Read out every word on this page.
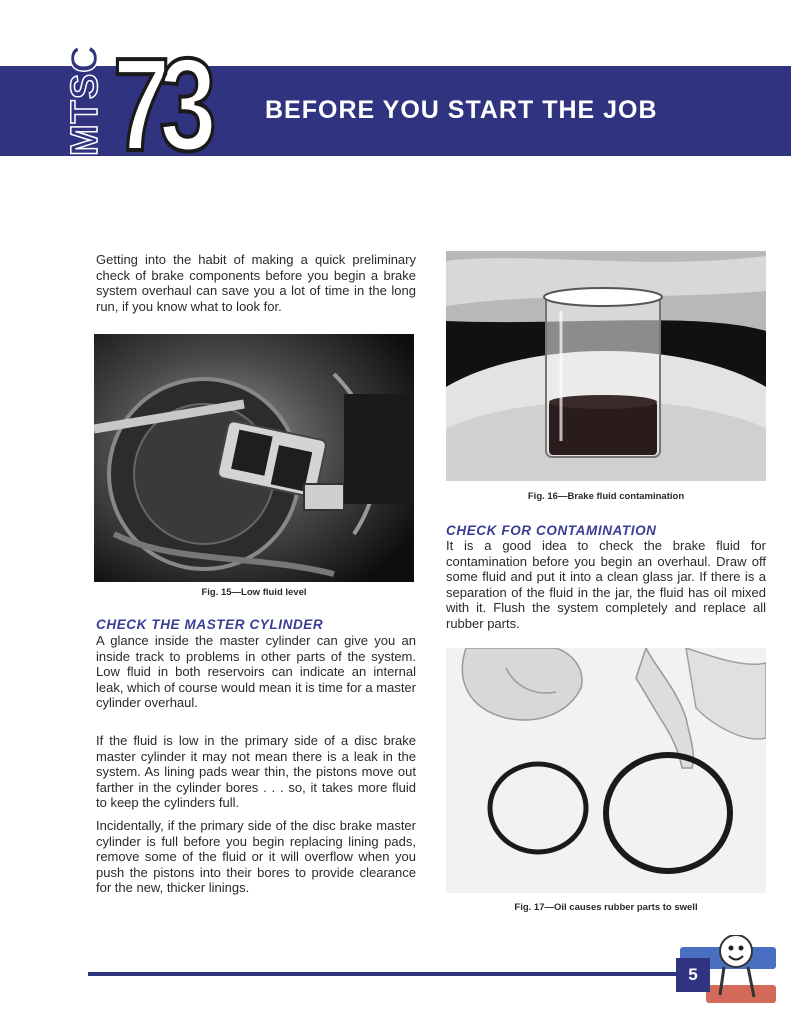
MTSC 73 BEFORE YOU START THE JOB

Getting into the habit of making a quick preliminary check of brake components before you begin a brake system overhaul can save you a lot of time in the long run, if you know what to look for.

Fig. 15—Low fluid level
CHECK THE MASTER CYLINDER

A glance inside the master cylinder can give you an inside track to problems in other parts of the system. Low fluid in both reservoirs can indicate an internal leak, which of course would mean it is time for a master cylinder overhaul.

If the fluid is low in the primary side of a disc brake master cylinder it may not mean there is a leak in the system. As lining pads wear thin, the pistons move out farther in the cylinder bores . . . so, it takes more fluid to keep the cylinders full.

Incidentally, if the primary side of the disc brake master cylinder is full before you begin replacing lining pads, remove some of the fluid or it will overflow when you push the pistons into their bores to provide clearance for the new, thicker linings.

Fig. 16—Brake fluid contamination
CHECK FOR CONTAMINATION

It is a good idea to check the brake fluid for contamination before you begin an overhaul. Draw off some fluid and put it into a clean glass jar. If there is a separation of the fluid in the jar, the fluid has oil mixed with it. Flush the system completely and replace all rubber parts.

Fig. 17—Oil causes rubber parts to swell
5
